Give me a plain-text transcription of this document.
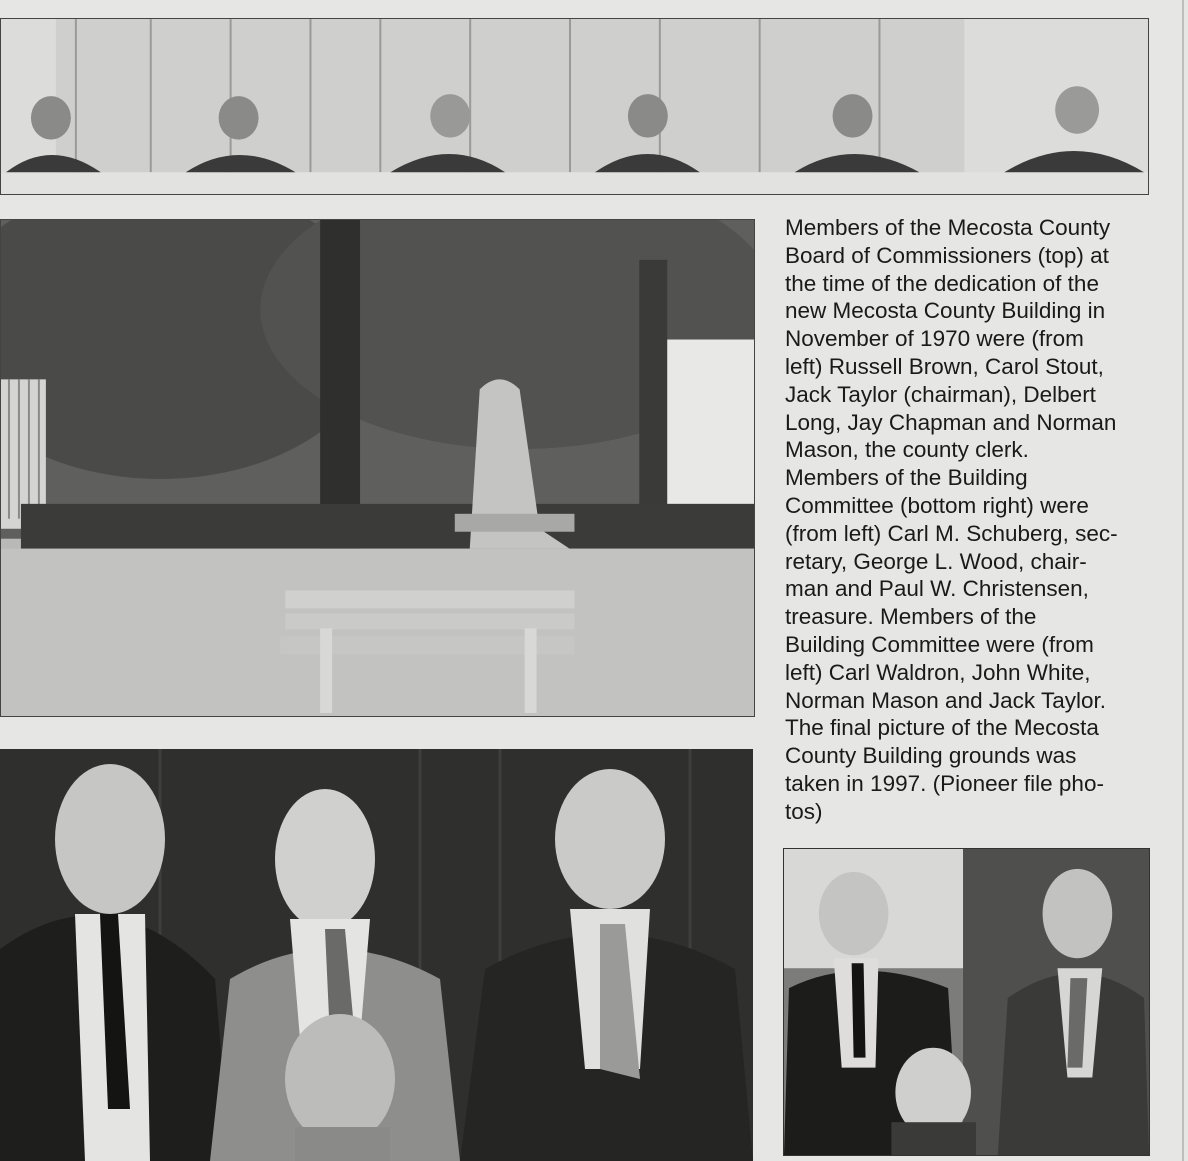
Members of the Mecosta County
Board of Commissioners (top) at
the time of the dedication of the
new Mecosta County Building in
November of 1970 were (from
left) Russell Brown, Carol Stout,
Jack Taylor (chairman), Delbert
Long, Jay Chapman and Norman
Mason, the county clerk.
Members of the Building
Committee (bottom right) were
(from left) Carl M. Schuberg, sec-
retary, George L. Wood, chair-
man and Paul W. Christensen,
treasure. Members of the
Building Committee were (from
left) Carl Waldron, John White,
Norman Mason and Jack Taylor.
The final picture of the Mecosta
County Building grounds was
taken in 1997. (Pioneer file pho-
tos)
